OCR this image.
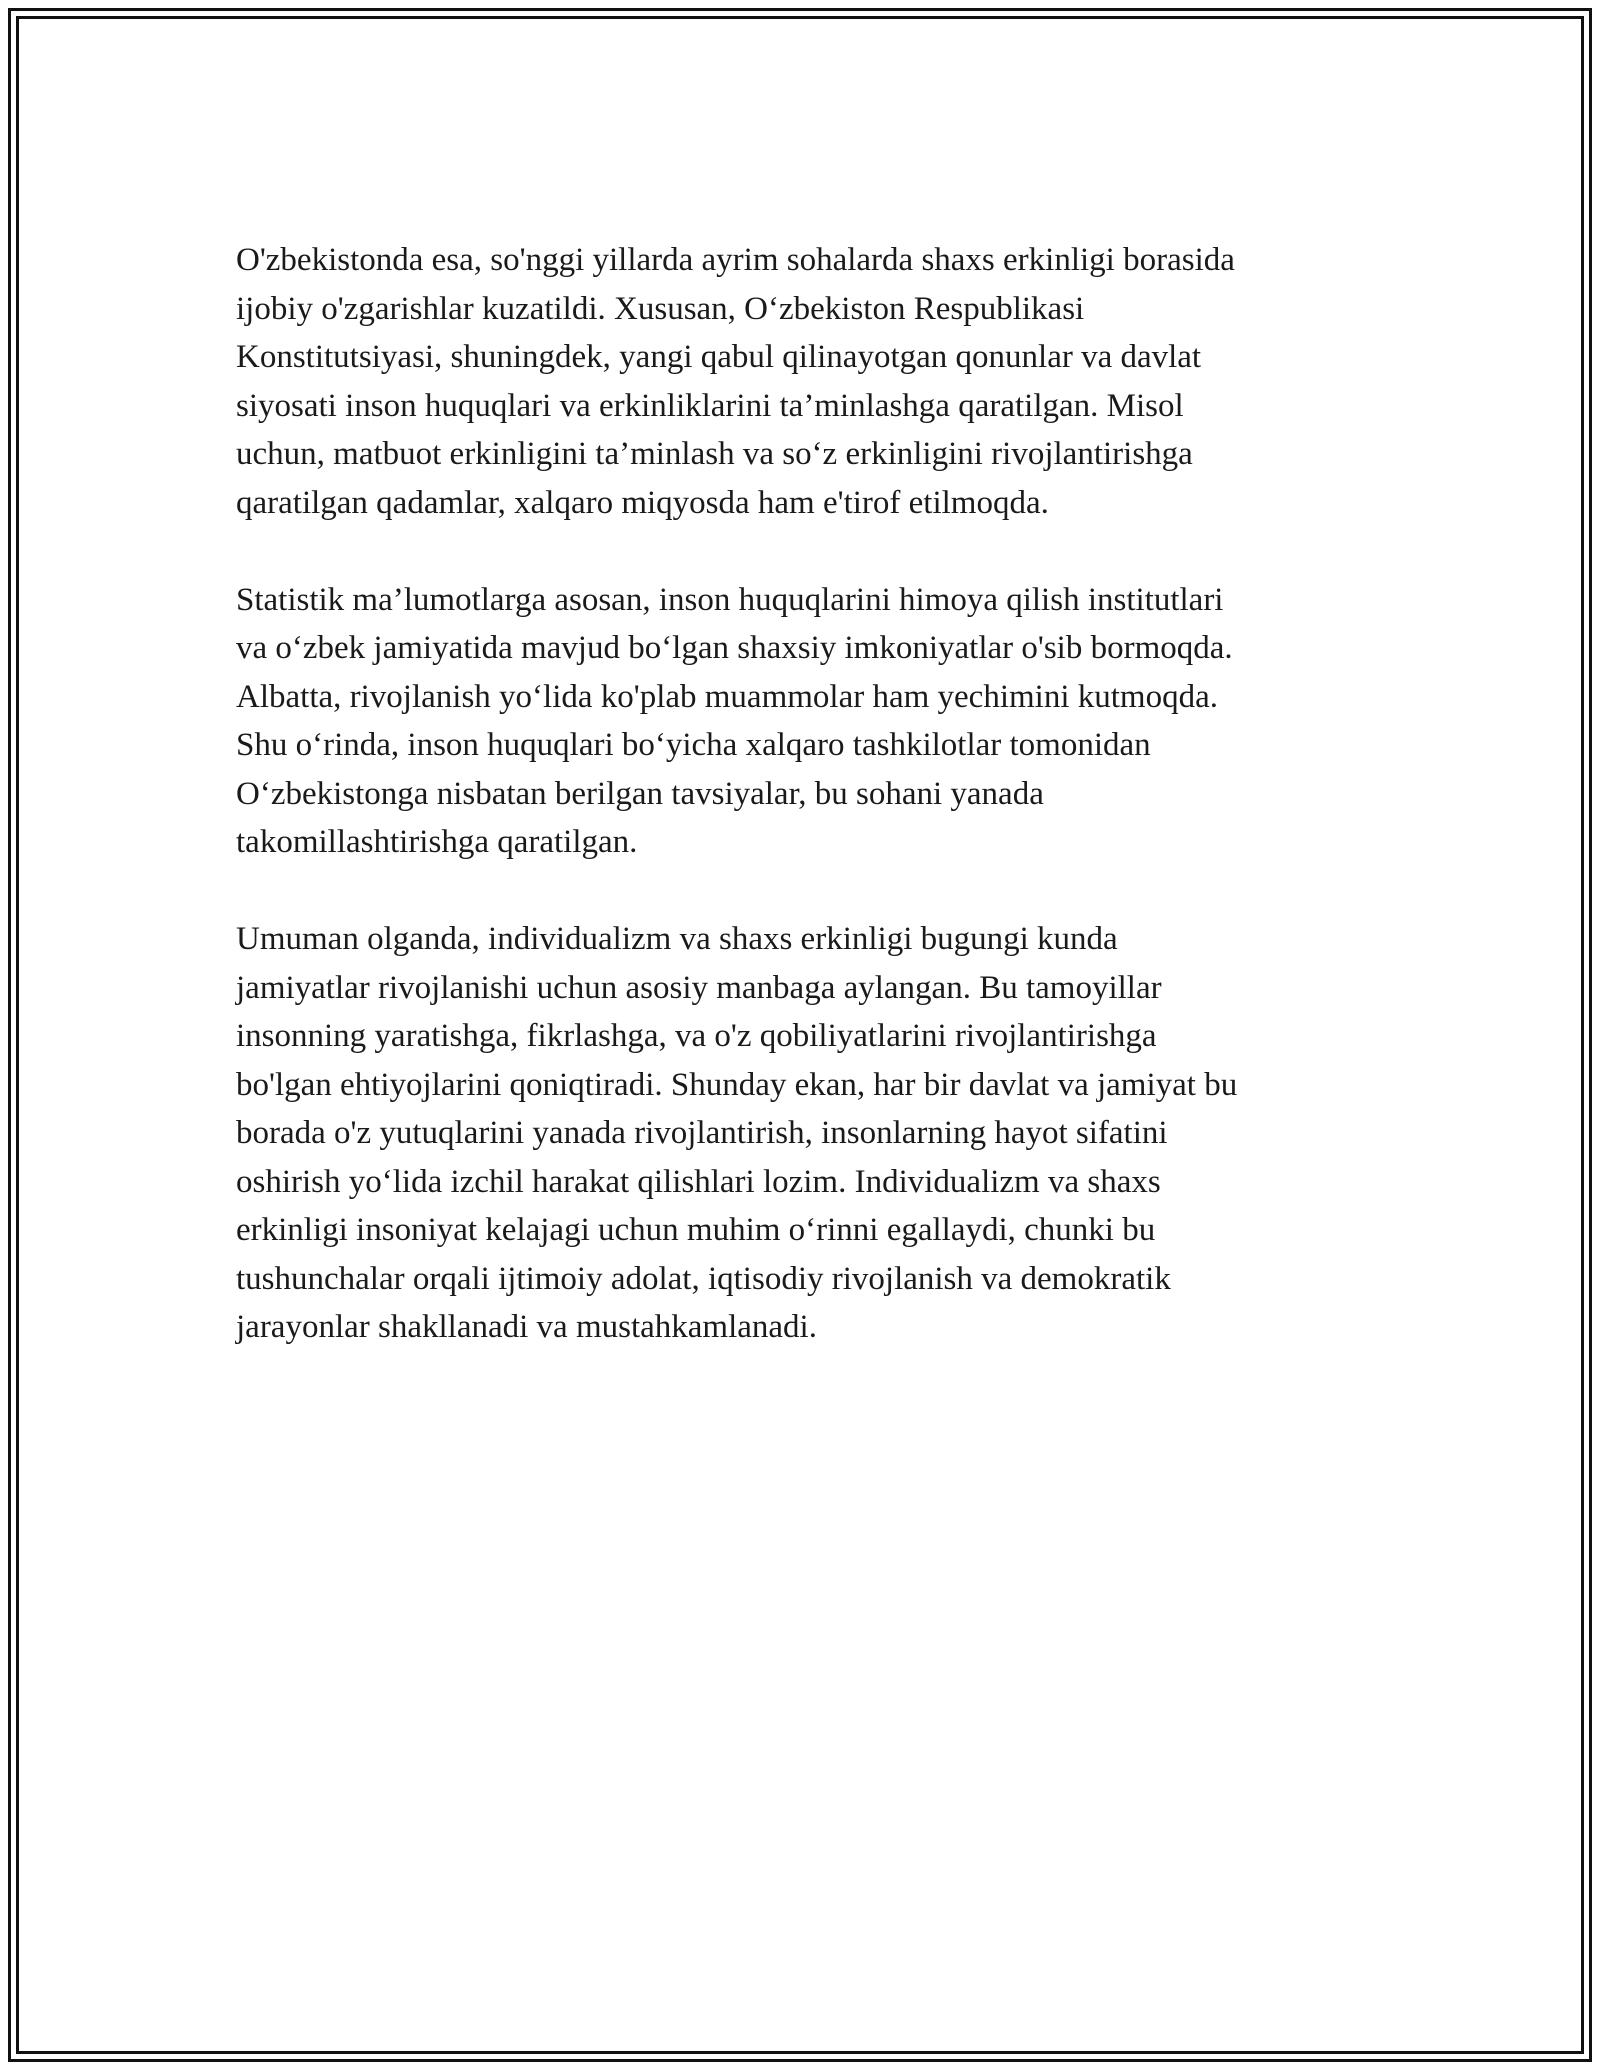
O'zbekistonda esa, so'nggi yillarda ayrim sohalarda shaxs erkinligi borasida
ijobiy o'zgarishlar kuzatildi. Xususan, O‘zbekiston Respublikasi
Konstitutsiyasi, shuningdek, yangi qabul qilinayotgan qonunlar va davlat
siyosati inson huquqlari va erkinliklarini ta’minlashga qaratilgan. Misol
uchun, matbuot erkinligini ta’minlash va so‘z erkinligini rivojlantirishga
qaratilgan qadamlar, xalqaro miqyosda ham e'tirof etilmoqda.

Statistik ma’lumotlarga asosan, inson huquqlarini himoya qilish institutlari
va o‘zbek jamiyatida mavjud bo‘lgan shaxsiy imkoniyatlar o'sib bormoqda.
Albatta, rivojlanish yo‘lida ko'plab muammolar ham yechimini kutmoqda.
Shu o‘rinda, inson huquqlari bo‘yicha xalqaro tashkilotlar tomonidan
O‘zbekistonga nisbatan berilgan tavsiyalar, bu sohani yanada
takomillashtirishga qaratilgan.

Umuman olganda, individualizm va shaxs erkinligi bugungi kunda
jamiyatlar rivojlanishi uchun asosiy manbaga aylangan. Bu tamoyillar
insonning yaratishga, fikrlashga, va o'z qobiliyatlarini rivojlantirishga
bo'lgan ehtiyojlarini qoniqtiradi. Shunday ekan, har bir davlat va jamiyat bu
borada o'z yutuqlarini yanada rivojlantirish, insonlarning hayot sifatini
oshirish yo‘lida izchil harakat qilishlari lozim. Individualizm va shaxs
erkinligi insoniyat kelajagi uchun muhim o‘rinni egallaydi, chunki bu
tushunchalar orqali ijtimoiy adolat, iqtisodiy rivojlanish va demokratik
jarayonlar shakllanadi va mustahkamlanadi.
